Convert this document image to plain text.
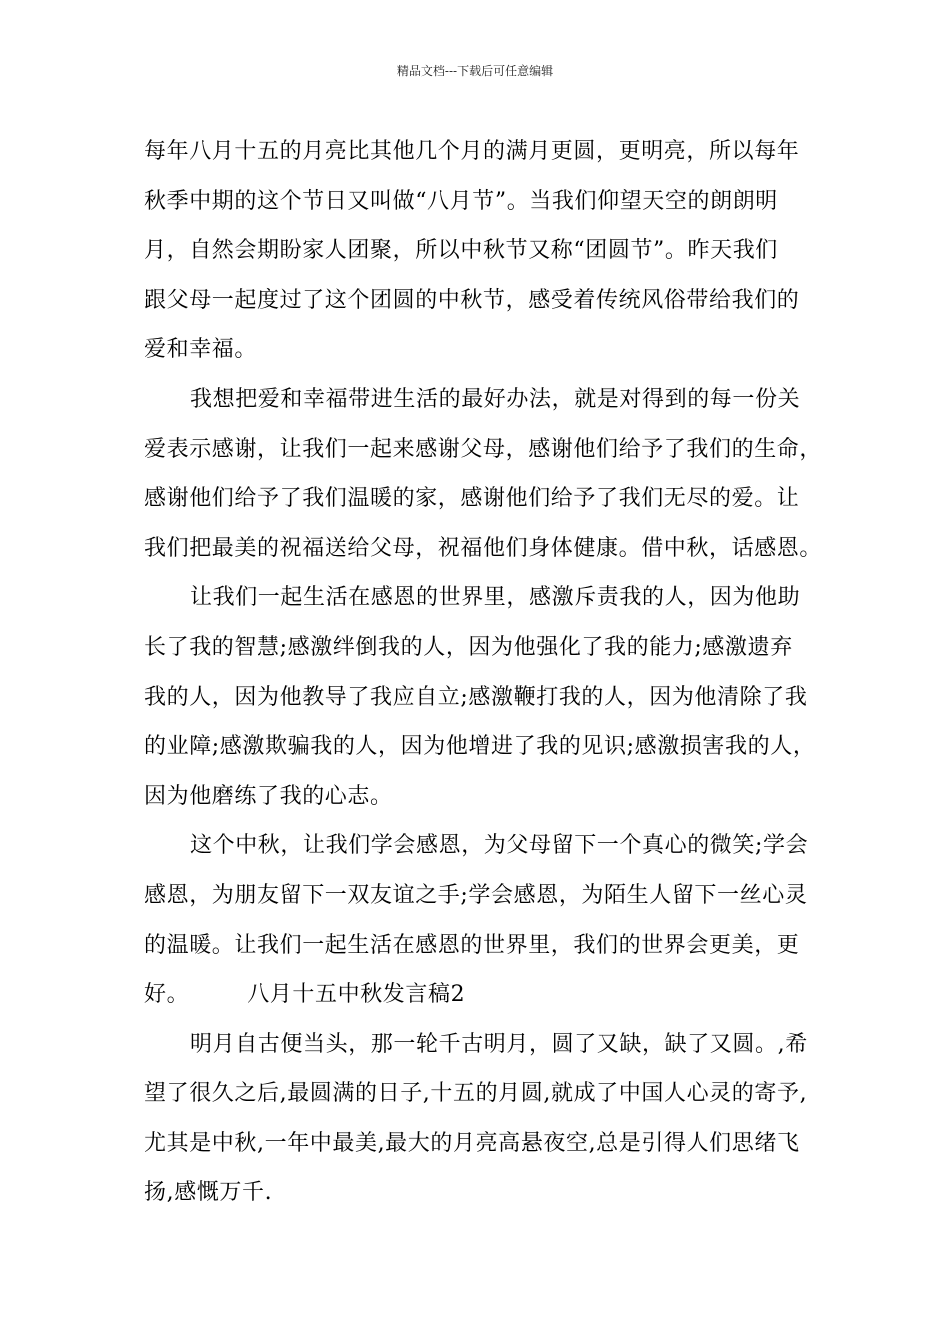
精品文档---下载后可任意编辑
每年八月十五的月亮比其他几个月的满月更圆，更明亮，所以每年
秋季中期的这个节日又叫做“八月节”。当我们仰望天空的朗朗明
月，自然会期盼家人团聚，所以中秋节又称“团圆节”。昨天我们
跟父母一起度过了这个团圆的中秋节，感受着传统风俗带给我们的
爱和幸福。
我想把爱和幸福带进生活的最好办法，就是对得到的每一份关
爱表示感谢，让我们一起来感谢父母，感谢他们给予了我们的生命，
感谢他们给予了我们温暖的家，感谢他们给予了我们无尽的爱。让
我们把最美的祝福送给父母，祝福他们身体健康。借中秋，话感恩。
让我们一起生活在感恩的世界里，感激斥责我的人，因为他助
长了我的智慧;感激绊倒我的人，因为他强化了我的能力;感激遗弃
我的人，因为他教导了我应自立;感激鞭打我的人，因为他清除了我
的业障;感激欺骗我的人，因为他增进了我的见识;感激损害我的人，
因为他磨练了我的心志。
这个中秋，让我们学会感恩，为父母留下一个真心的微笑;学会
感恩，为朋友留下一双友谊之手;学会感恩，为陌生人留下一丝心灵
的温暖。让我们一起生活在感恩的世界里，我们的世界会更美，更
好。	八月十五中秋发言稿2
明月自古便当头，那一轮千古明月，圆了又缺，缺了又圆。,希
望了很久之后,最圆满的日子,十五的月圆,就成了中国人心灵的寄予,
尤其是中秋,一年中最美,最大的月亮高悬夜空,总是引得人们思绪飞
扬,感慨万千.
